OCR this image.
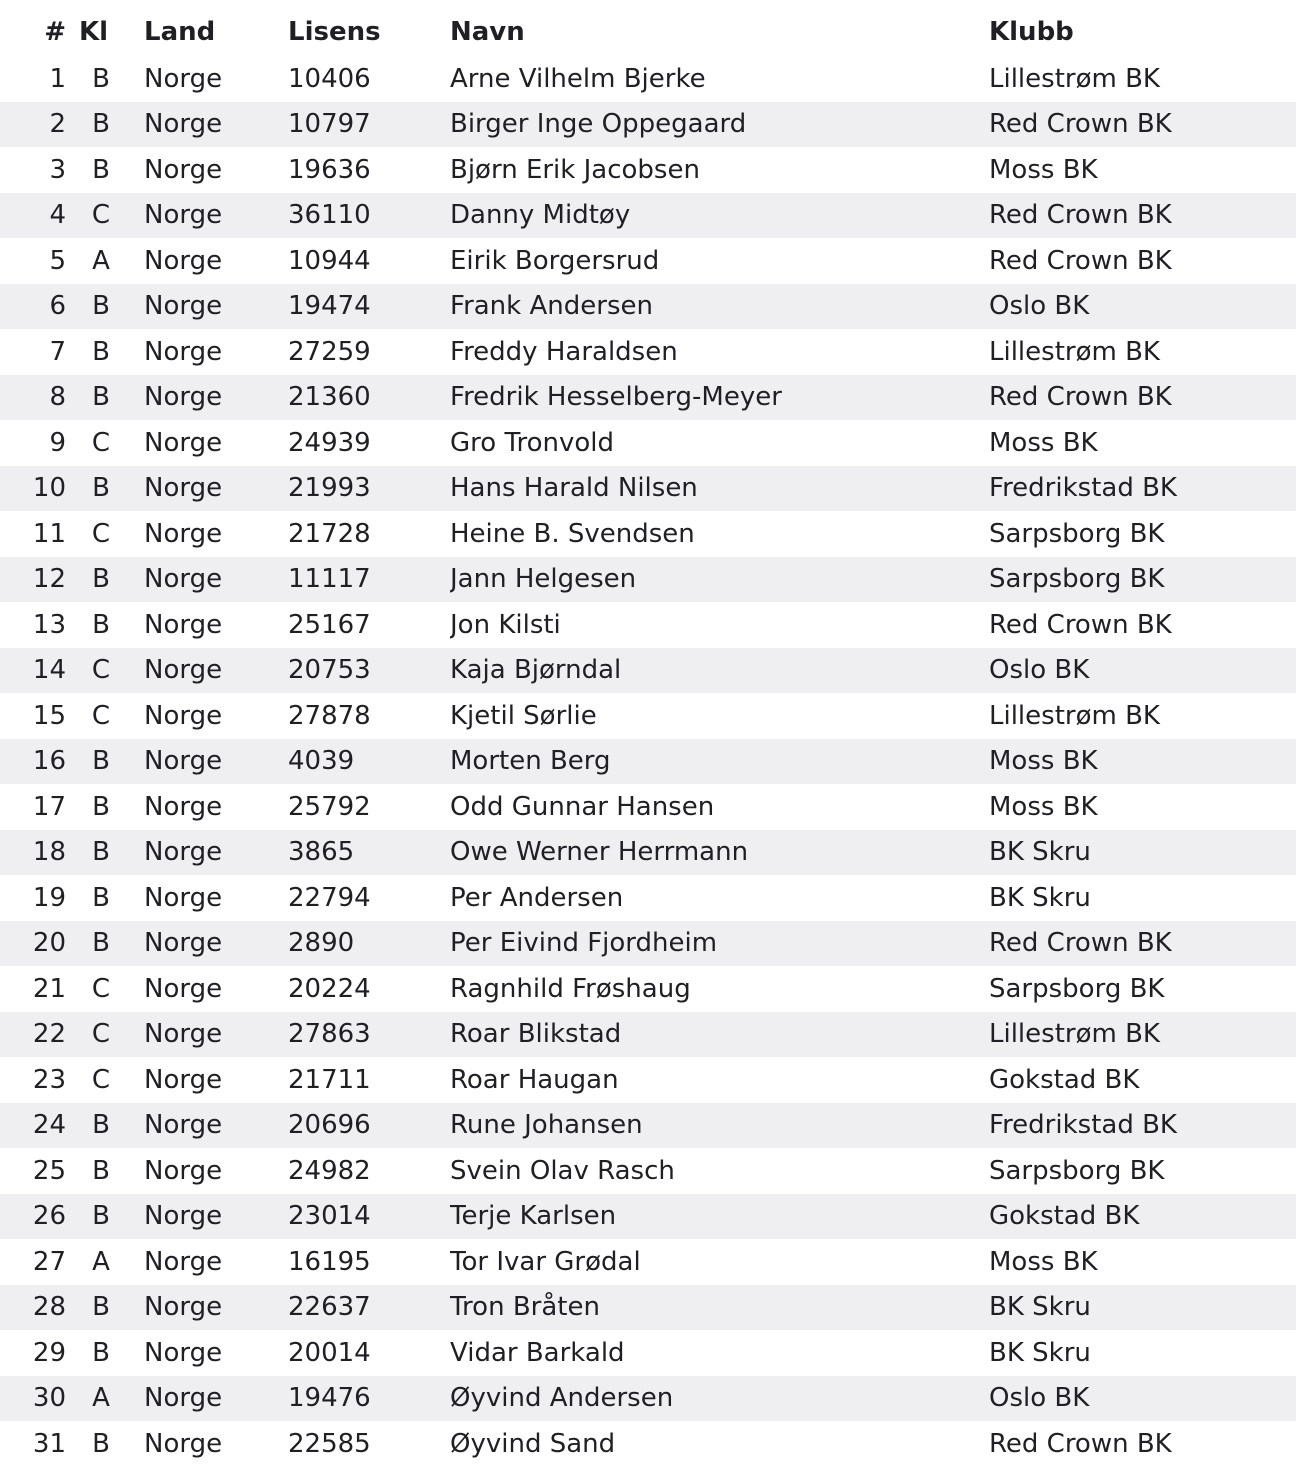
#	Kl	Land	Lisens	Navn	Klubb
1	B	Norge	10406	Arne Vilhelm Bjerke	Lillestrøm BK
2	B	Norge	10797	Birger Inge Oppegaard	Red Crown BK
3	B	Norge	19636	Bjørn Erik Jacobsen	Moss BK
4	C	Norge	36110	Danny Midtøy	Red Crown BK
5	A	Norge	10944	Eirik Borgersrud	Red Crown BK
6	B	Norge	19474	Frank Andersen	Oslo BK
7	B	Norge	27259	Freddy Haraldsen	Lillestrøm BK
8	B	Norge	21360	Fredrik Hesselberg-Meyer	Red Crown BK
9	C	Norge	24939	Gro Tronvold	Moss BK
10	B	Norge	21993	Hans Harald Nilsen	Fredrikstad BK
11	C	Norge	21728	Heine B. Svendsen	Sarpsborg BK
12	B	Norge	11117	Jann Helgesen	Sarpsborg BK
13	B	Norge	25167	Jon Kilsti	Red Crown BK
14	C	Norge	20753	Kaja Bjørndal	Oslo BK
15	C	Norge	27878	Kjetil Sørlie	Lillestrøm BK
16	B	Norge	4039	Morten Berg	Moss BK
17	B	Norge	25792	Odd Gunnar Hansen	Moss BK
18	B	Norge	3865	Owe Werner Herrmann	BK Skru
19	B	Norge	22794	Per Andersen	BK Skru
20	B	Norge	2890	Per Eivind Fjordheim	Red Crown BK
21	C	Norge	20224	Ragnhild Frøshaug	Sarpsborg BK
22	C	Norge	27863	Roar Blikstad	Lillestrøm BK
23	C	Norge	21711	Roar Haugan	Gokstad BK
24	B	Norge	20696	Rune Johansen	Fredrikstad BK
25	B	Norge	24982	Svein Olav Rasch	Sarpsborg BK
26	B	Norge	23014	Terje Karlsen	Gokstad BK
27	A	Norge	16195	Tor Ivar Grødal	Moss BK
28	B	Norge	22637	Tron Bråten	BK Skru
29	B	Norge	20014	Vidar Barkald	BK Skru
30	A	Norge	19476	Øyvind Andersen	Oslo BK
31	B	Norge	22585	Øyvind Sand	Red Crown BK
